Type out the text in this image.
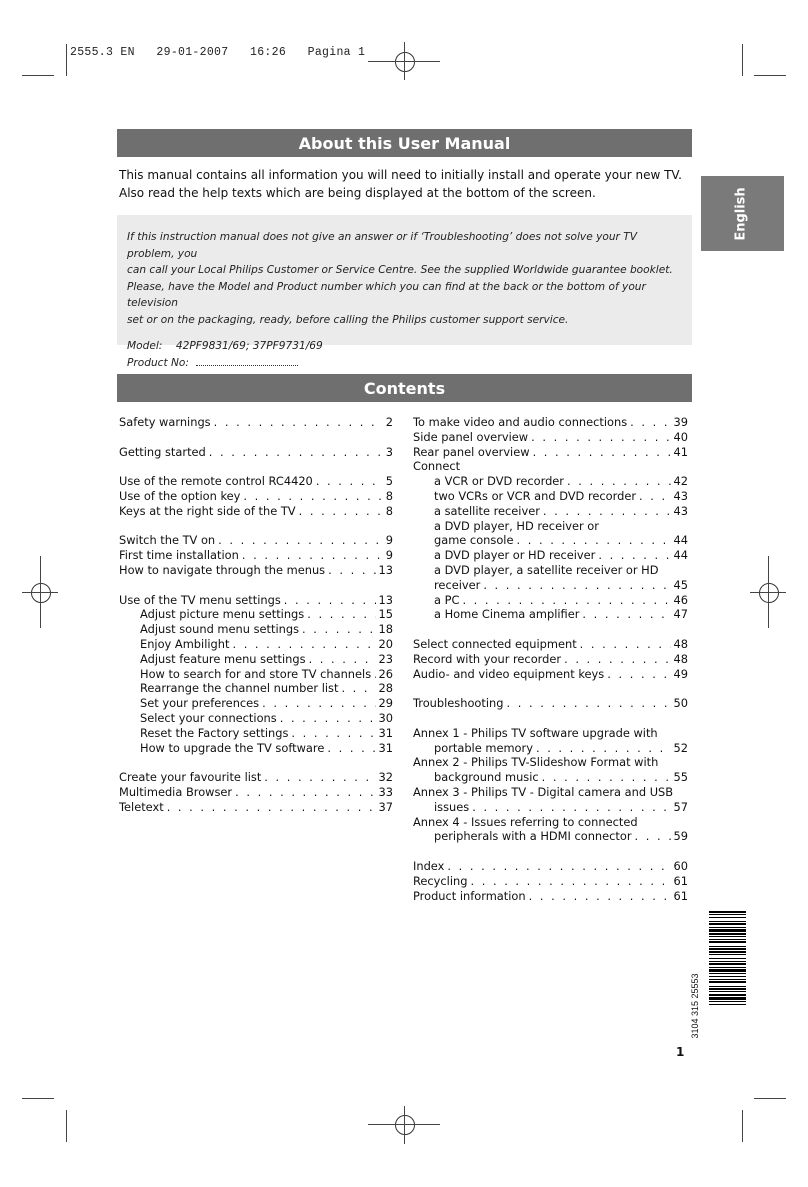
2555.3 EN   29-01-2007   16:26   Pagina 1
About this User Manual
This manual contains all information you will need to initially install and operate your new TV.
Also read the help texts which are being displayed at the bottom of the screen.

If this instruction manual does not give an answer or if ‘Troubleshooting’ does not solve your TV problem, you

can call your Local Philips Customer or Service Centre. See the supplied Worldwide guarantee booklet.

Please, have the Model and Product number which you can find at the back or the bottom of your television

set or on the packaging, ready, before calling the Philips customer support service.

Model: 42PF9831/69; 37PF9731/69

Product No:

English
Contents
Safety warnings . . .	2
Getting started . . .	3
Use of the remote control RC4420 . . .	5
Use of the option key . . .	8
Keys at the right side of the TV . . .	8
Switch the TV on . . .	9
First time installation . . .	9
How to navigate through the menus . . .	13
Use of the TV menu settings . . .	13
Adjust picture menu settings . . .	15
Adjust sound menu settings . . .	18
Enjoy Ambilight . . .	20
Adjust feature menu settings . . .	23
How to search for and store TV channels . . . 26
Rearrange the channel number list . . .	28
Set your preferences . . .	29
Select your connections . . .	30
Reset the Factory settings . . .	31
How to upgrade the TV software . . .	31
Create your favourite list . . .	32
Multimedia Browser . . .	33
Teletext . . .	37
To make video and audio connections . . .	39
Side panel overview . . .	40
Rear panel overview . . .	41
Connect
a VCR or DVD recorder . . .	42
two VCRs or VCR and DVD recorder . . .	43
a satellite receiver . . .	43
a DVD player, HD receiver or
game console . . .	44
a DVD player or HD receiver . . .	44
a DVD player, a satellite receiver or HD
receiver . . .	45
a PC . . .	46
a Home Cinema amplifier . . .	47
Select connected equipment . . .	48
Record with your recorder . . .	48
Audio- and video equipment keys . . .	49
Troubleshooting . . .	50
Annex 1 - Philips TV software upgrade with
portable memory . . .	52
Annex 2 - Philips TV-Slideshow Format with
background music . . .	55
Annex 3 - Philips TV - Digital camera and USB
issues . . .	57
Annex 4 - Issues referring to connected
peripherals with a HDMI connector . . .	59
Index . . .	60
Recycling . . .	61
Product information . . .	61
3104 315 25553
1
